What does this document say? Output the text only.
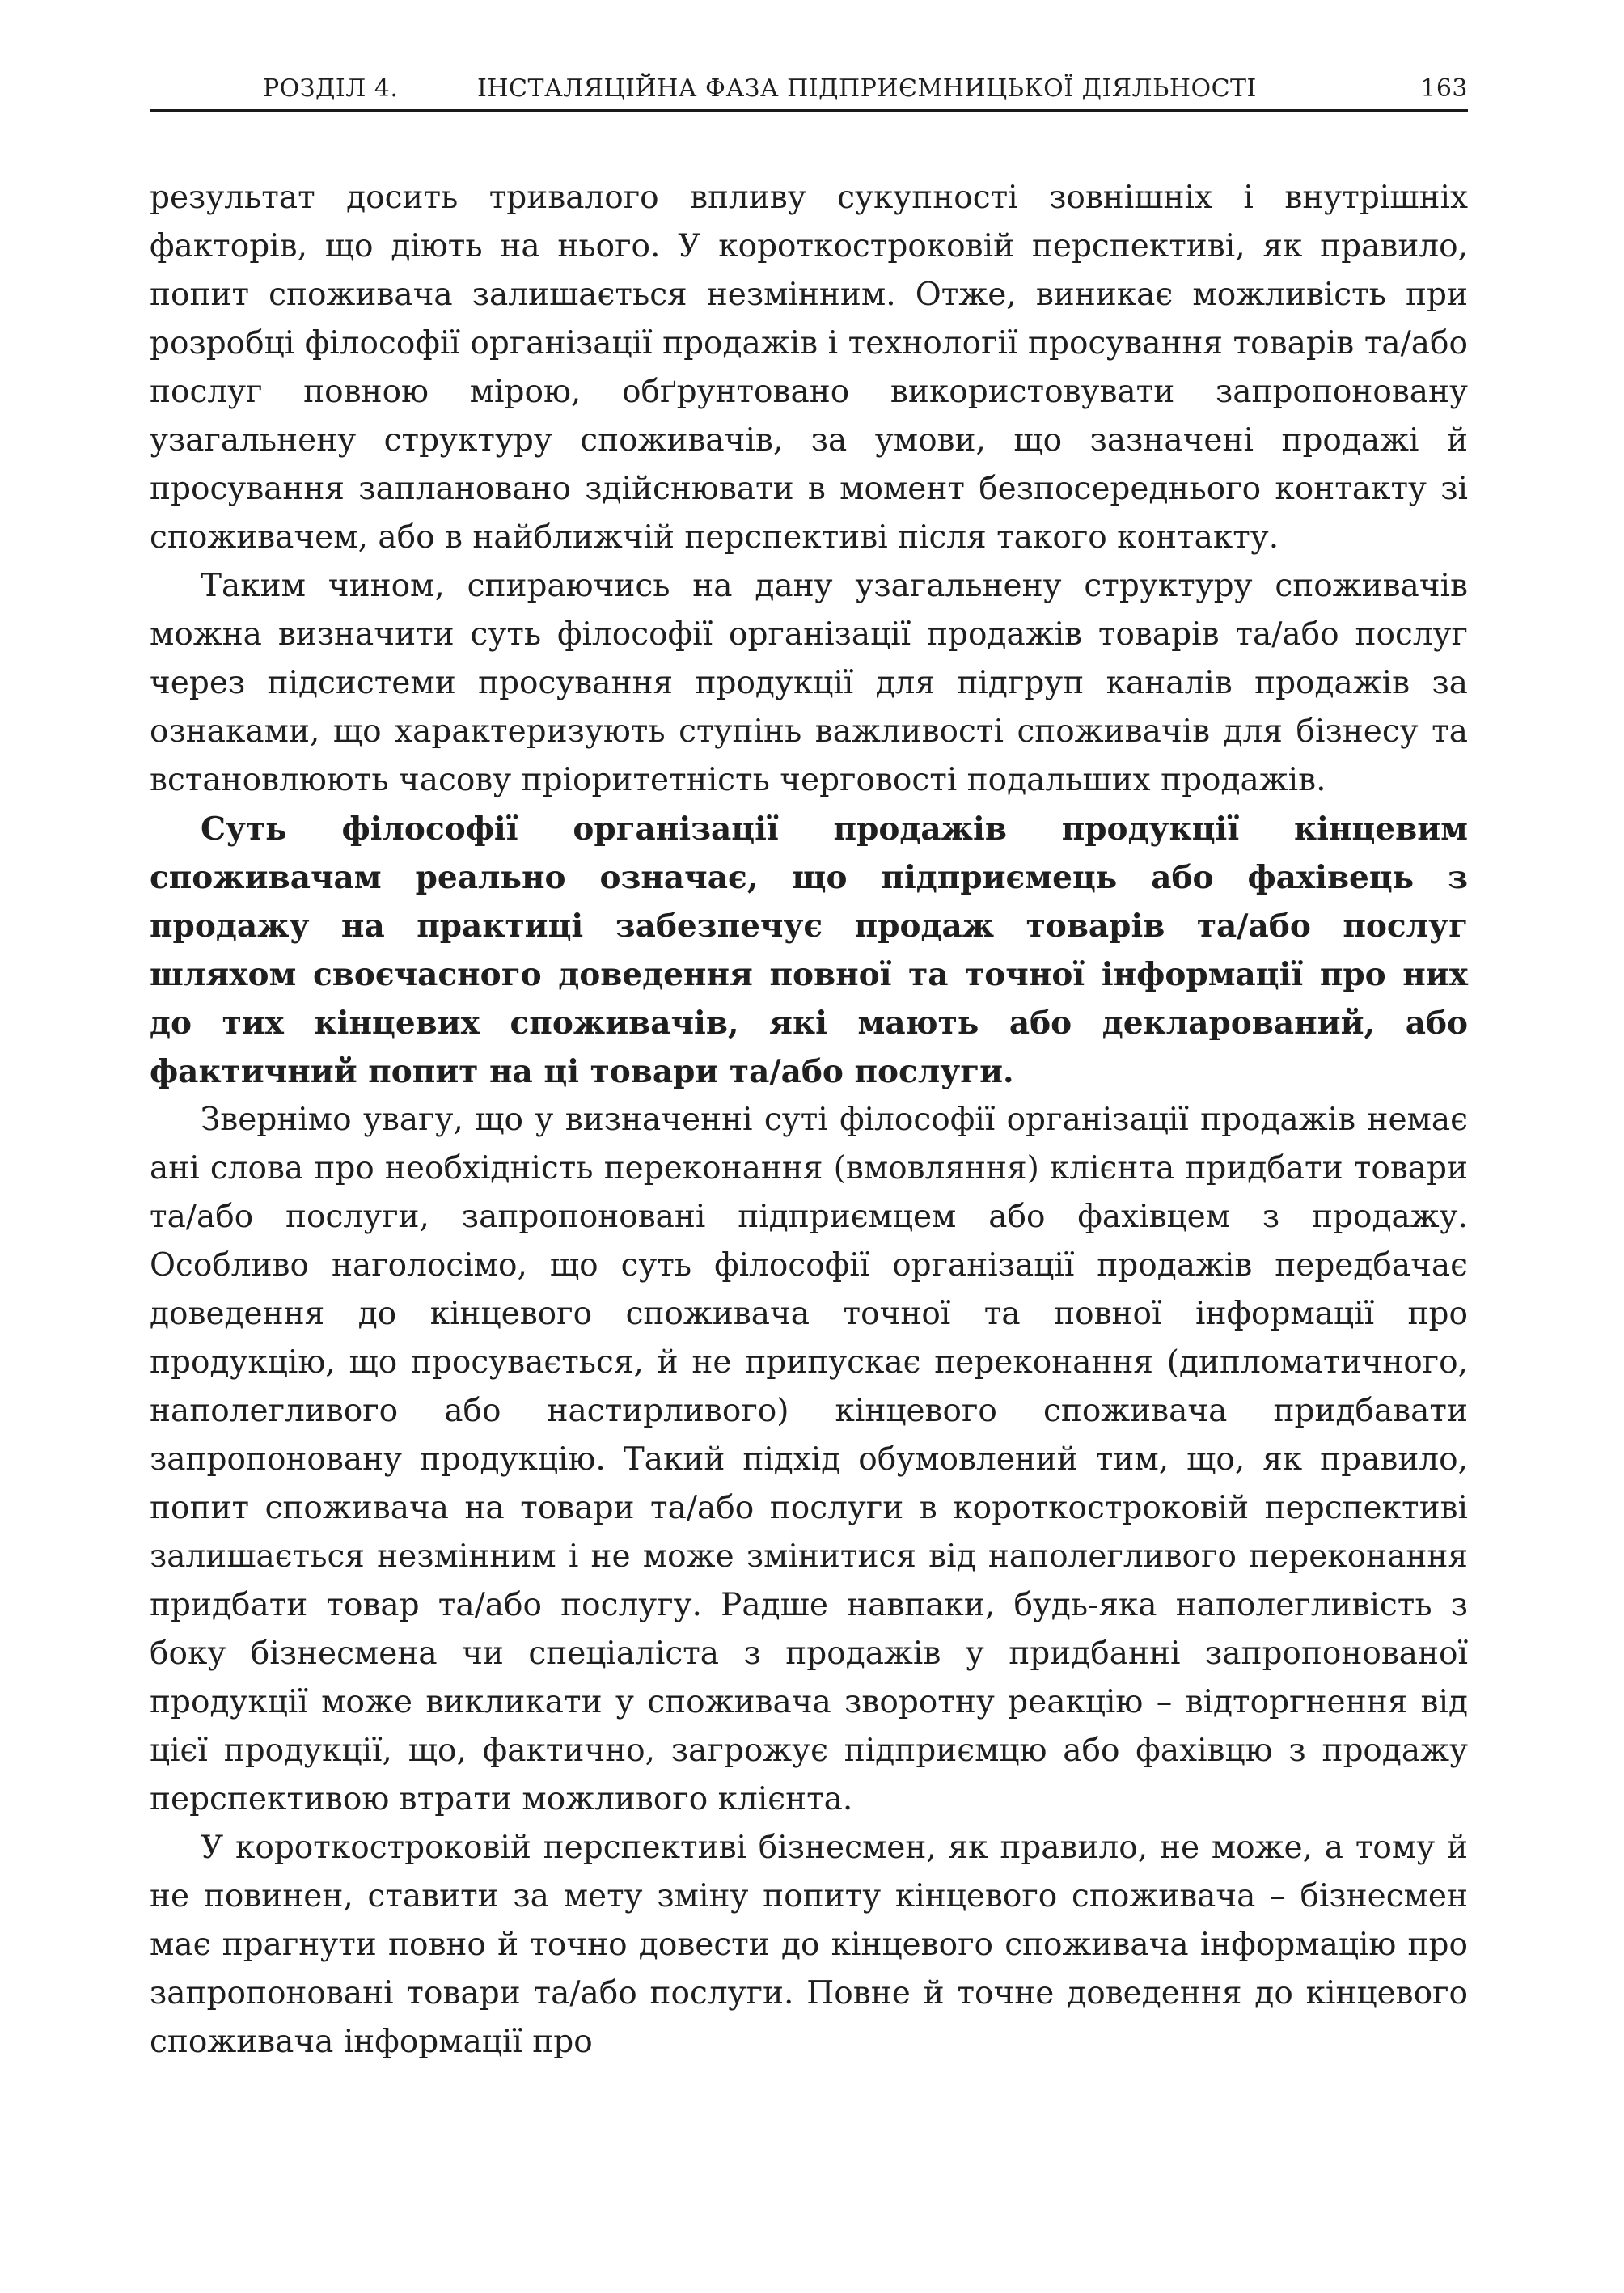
РОЗДІЛ 4.	ІНСТАЛЯЦІЙНА ФАЗА ПІДПРИЄМНИЦЬКОЇ ДІЯЛЬНОСТІ	163

результат досить тривалого впливу сукупності зовнішніх і внутрішніх факторів, що діють на нього. У короткостроковій перспективі, як правило, попит споживача залишається незмінним. Отже, виникає можливість при розробці філософії організації продажів і технології просування товарів та/або послуг повною мірою, обґрунтовано використовувати запропоновану узагальнену структуру споживачів, за умови, що зазначені продажі й просування заплановано здійснювати в момент безпосереднього контакту зі споживачем, або в найближчій перспективі після такого контакту.

Таким чином, спираючись на дану узагальнену структуру споживачів можна визначити суть філософії організації продажів товарів та/або послуг через підсистеми просування продукції для підгруп каналів продажів за ознаками, що характеризують ступінь важливості споживачів для бізнесу та встановлюють часову пріоритетність черговості подальших продажів.

Суть філософії організації продажів продукції кінцевим споживачам реально означає, що підприємець або фахівець з продажу на практиці забезпечує продаж товарів та/або послуг шляхом своєчасного доведення повної та точної інформації про них до тих кінцевих споживачів, які мають або декларований, або фактичний попит на ці товари та/або послуги.

Звернімо увагу, що у визначенні суті філософії організації продажів немає ані слова про необхідність переконання (вмовляння) клієнта придбати товари та/або послуги, запропоновані підприємцем або фахівцем з продажу. Особливо наголосімо, що суть філософії організації продажів передбачає доведення до кінцевого споживача точної та повної інформації про продукцію, що просувається, й не припускає переконання (дипломатичного, наполегливого або настирливого) кінцевого споживача придбавати запропоновану продукцію. Такий підхід обумовлений тим, що, як правило, попит споживача на товари та/або послуги в короткостроковій перспективі залишається незмінним і не може змінитися від наполегливого переконання придбати товар та/або послугу. Радше навпаки, будь-яка наполегливість з боку бізнесмена чи спеціаліста з продажів у придбанні запропонованої продукції може викликати у споживача зворотну реакцію – відторгнення від цієї продукції, що, фактично, загрожує підприємцю або фахівцю з продажу перспективою втрати можливого клієнта.

У короткостроковій перспективі бізнесмен, як правило, не може, а тому й не повинен, ставити за мету зміну попиту кінцевого споживача – бізнесмен має прагнути повно й точно довести до кінцевого споживача інформацію про запропоновані товари та/або послуги. Повне й точне доведення до кінцевого споживача інформації про
